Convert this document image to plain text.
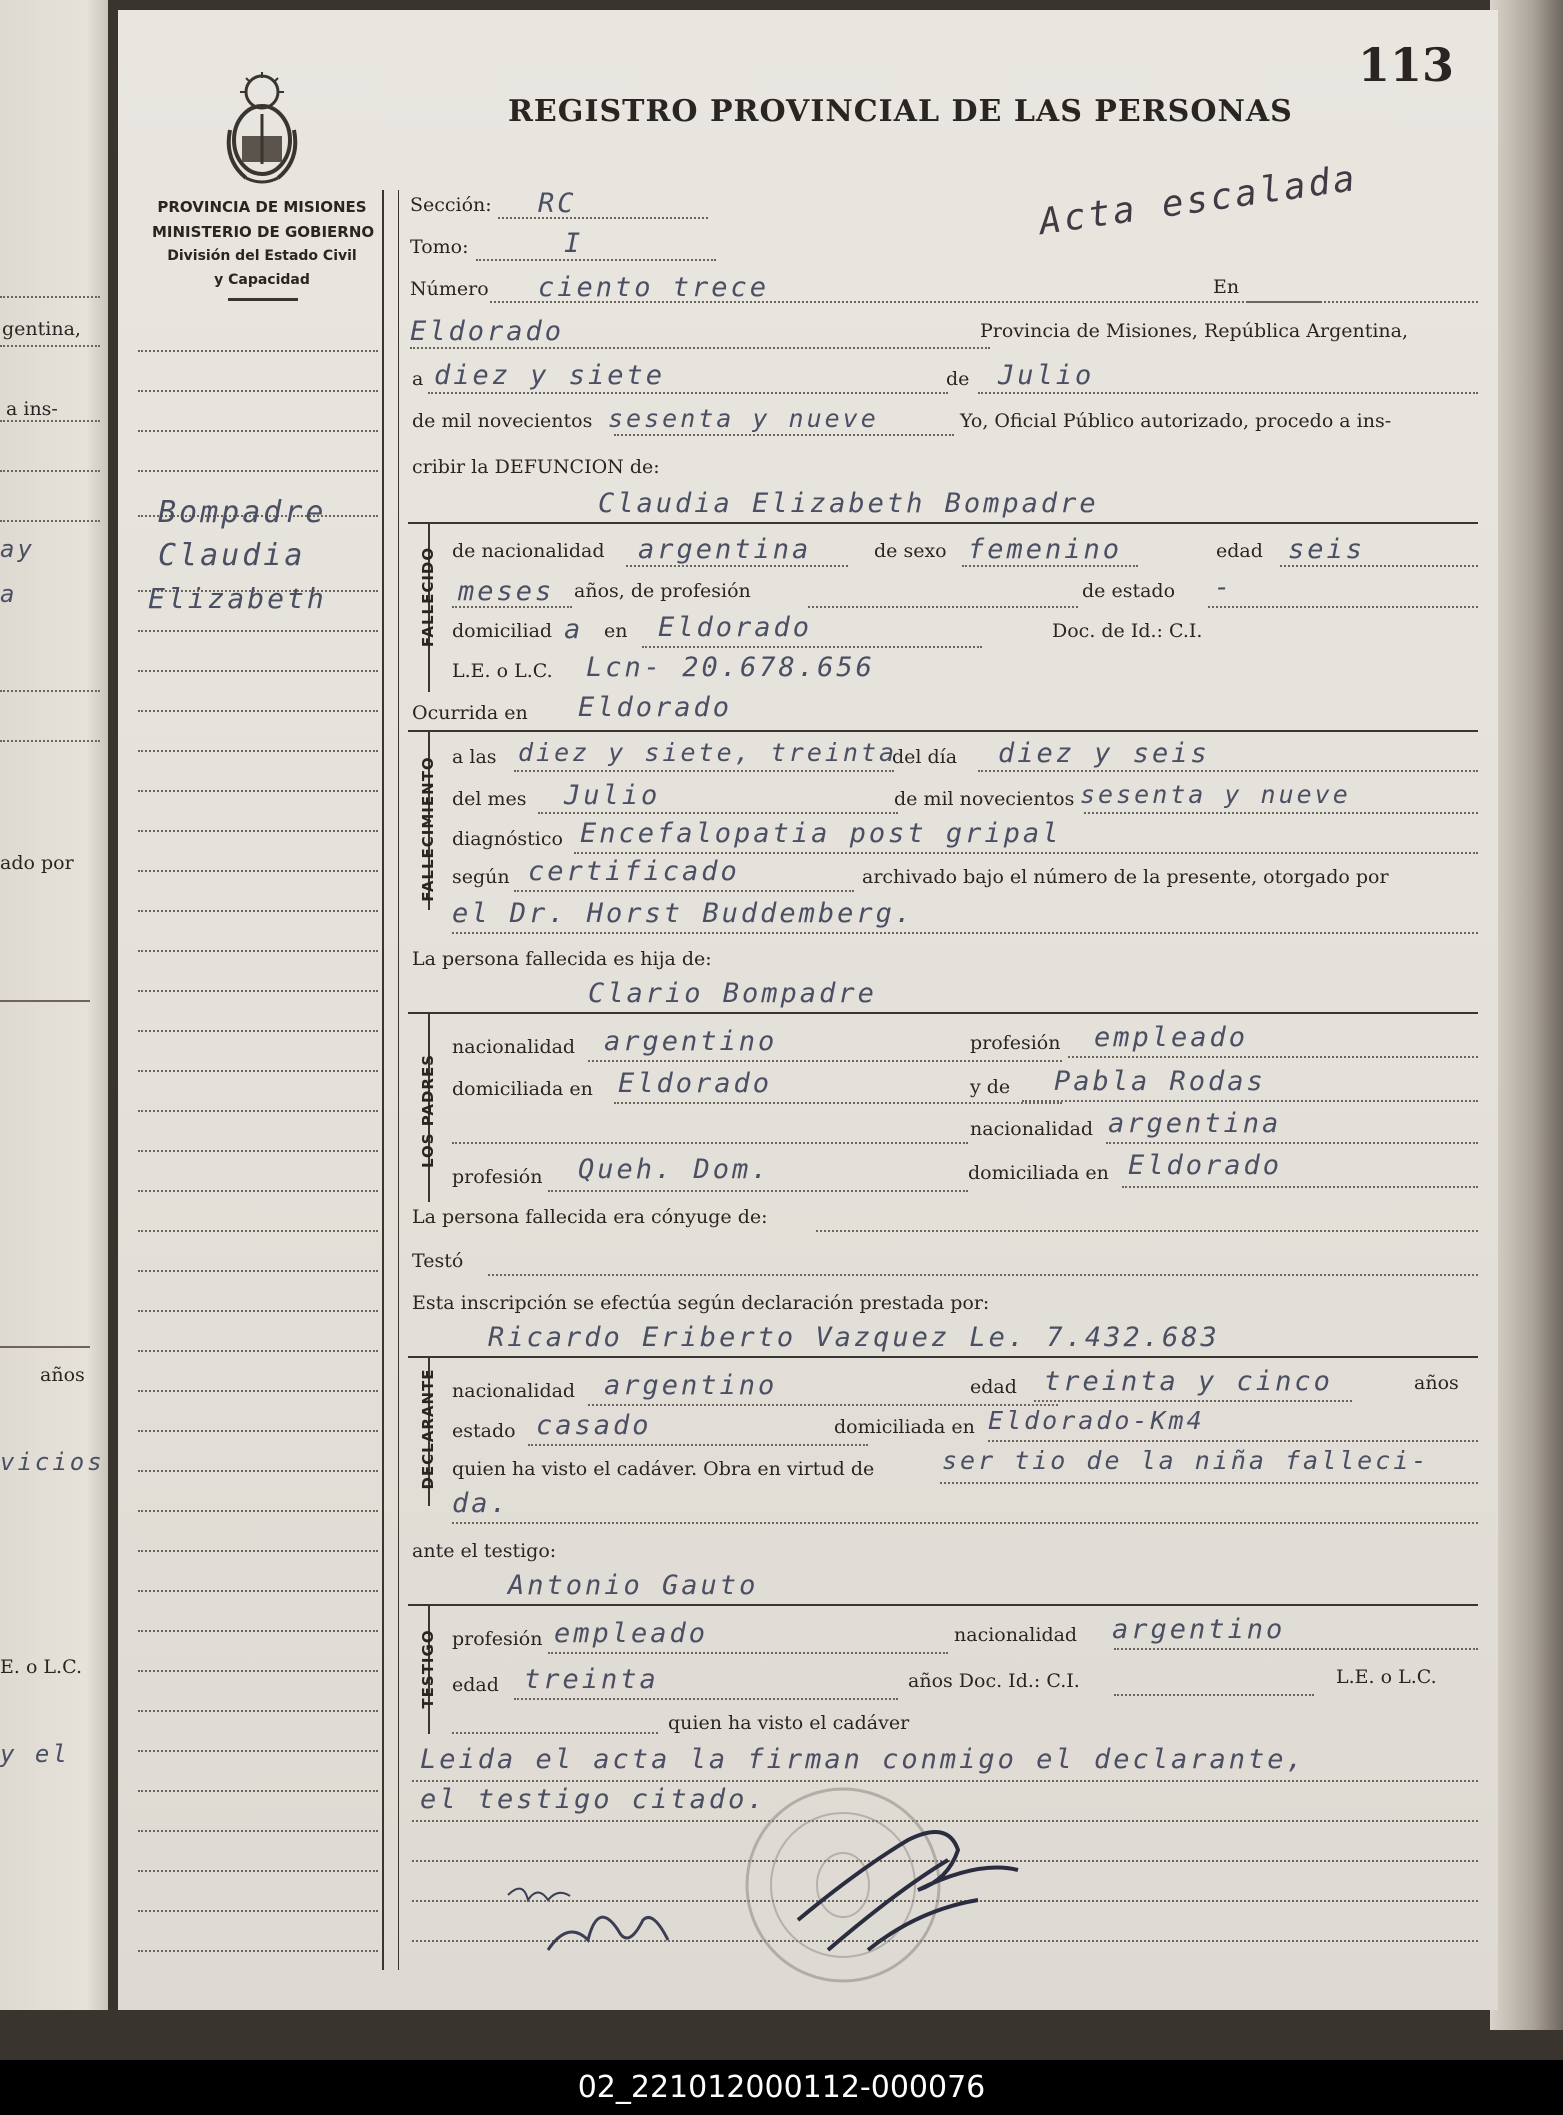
gentina,
a ins-
ay
a
ado por
años
vicios
E. o L.C.
y el
PROVINCIA DE MISIONES
MINISTERIO DE GOBIERNO
División del Estado Civil
y Capacidad
REGISTRO PROVINCIAL DE LAS PERSONAS
113
Bompadre
Claudia
Elizabeth
Acta escalada
Sección: RC
Tomo:	I
Número ciento trece	En
Eldorado	Provincia de Misiones, República Argentina,
a diez y siete	de Julio
de mil novecientos sesenta y nueve	Yo, Oficial Público autorizado, procedo a ins-
cribir la DEFUNCION de:
FALLECIDO
Claudia Elizabeth Bompadre
de nacionalidad argentina	de sexo femenino	edad seis
meses años, de profesión	de estado -
domiciliad a en Eldorado	Doc. de Id.: C.I.
L.E. o L.C. Lcn- 20.678.656
Ocurrida en Eldorado
FALLECIMIENTO a las diez y siete, treinta
del día diez y seis
del mes Julio	de mil novecientos sesenta y nueve
diagnóstico Encefalopatia post gripal
según certificado	archivado bajo el número de la presente, otorgado por
el Dr. Horst Buddemberg.
La persona fallecida es hija de:
LOS PADRES
Clario Bompadre
nacionalidad argentino	profesión empleado
domiciliada en Eldorado	y de Pabla Rodas
nacionalidad argentina
profesión Queh. Dom.	domiciliada en Eldorado
La persona fallecida era cónyuge de:
Testó
Esta inscripción se efectúa según declaración prestada por:
DECLARANTE
Ricardo Eriberto Vazquez Le. 7.432.683
nacionalidad argentino	edad treinta y cinco	años
estado casado	domiciliada en Eldorado-Km4
quien ha visto el cadáver. Obra en virtud de	ser tio de la niña falleci-
da.
ante el testigo:
TESTIGO
Antonio Gauto
profesión empleado	nacionalidad argentino
edad treinta	años Doc. Id.: C.I.	L.E. o L.C.
quien ha visto el cadáver
Leida el acta la firman conmigo el declarante,
el testigo citado.
02_221012000112-000076
